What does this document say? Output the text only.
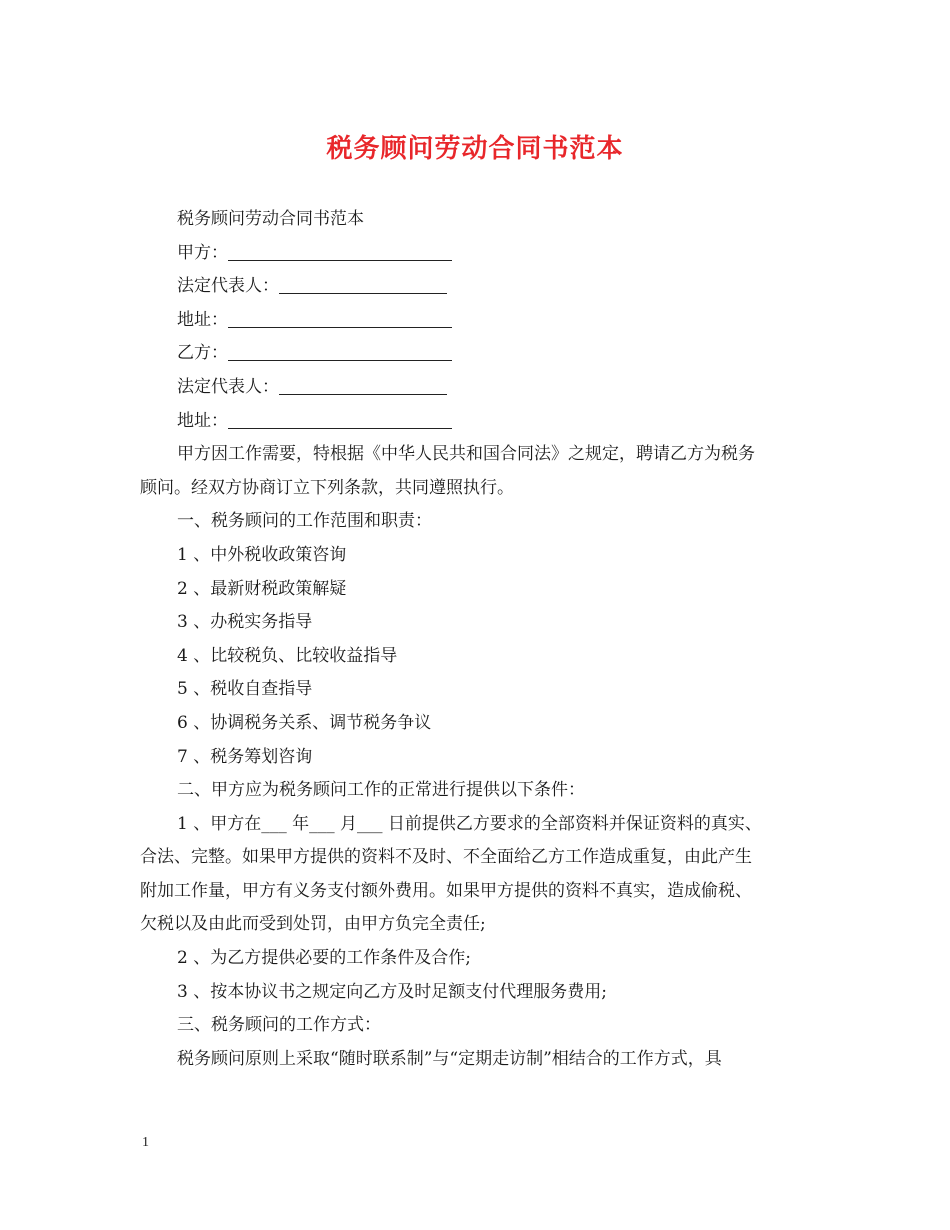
税务顾问劳动合同书范本
税务顾问劳动合同书范本
甲方：
法定代表人：
地址：
乙方：
法定代表人：
地址：
甲方因工作需要，特根据《中华人民共和国合同法》之规定，聘请乙方为税务
顾问。经双方协商订立下列条款，共同遵照执行。
一、税务顾问的工作范围和职责：
1 、中外税收政策咨询
2 、最新财税政策解疑
3 、办税实务指导
4 、比较税负、比较收益指导
5 、税收自查指导
6 、协调税务关系、调节税务争议
7 、税务筹划咨询
二、甲方应为税务顾问工作的正常进行提供以下条件：
1 、甲方在___ 年___ 月___ 日前提供乙方要求的全部资料并保证资料的真实、
合法、完整。如果甲方提供的资料不及时、不全面给乙方工作造成重复，由此产生
附加工作量，甲方有义务支付额外费用。如果甲方提供的资料不真实，造成偷税、
欠税以及由此而受到处罚，由甲方负完全责任;
2 、为乙方提供必要的工作条件及合作;
3 、按本协议书之规定向乙方及时足额支付代理服务费用;
三、税务顾问的工作方式：
税务顾问原则上采取“随时联系制”与“定期走访制”相结合的工作方式，具
1
